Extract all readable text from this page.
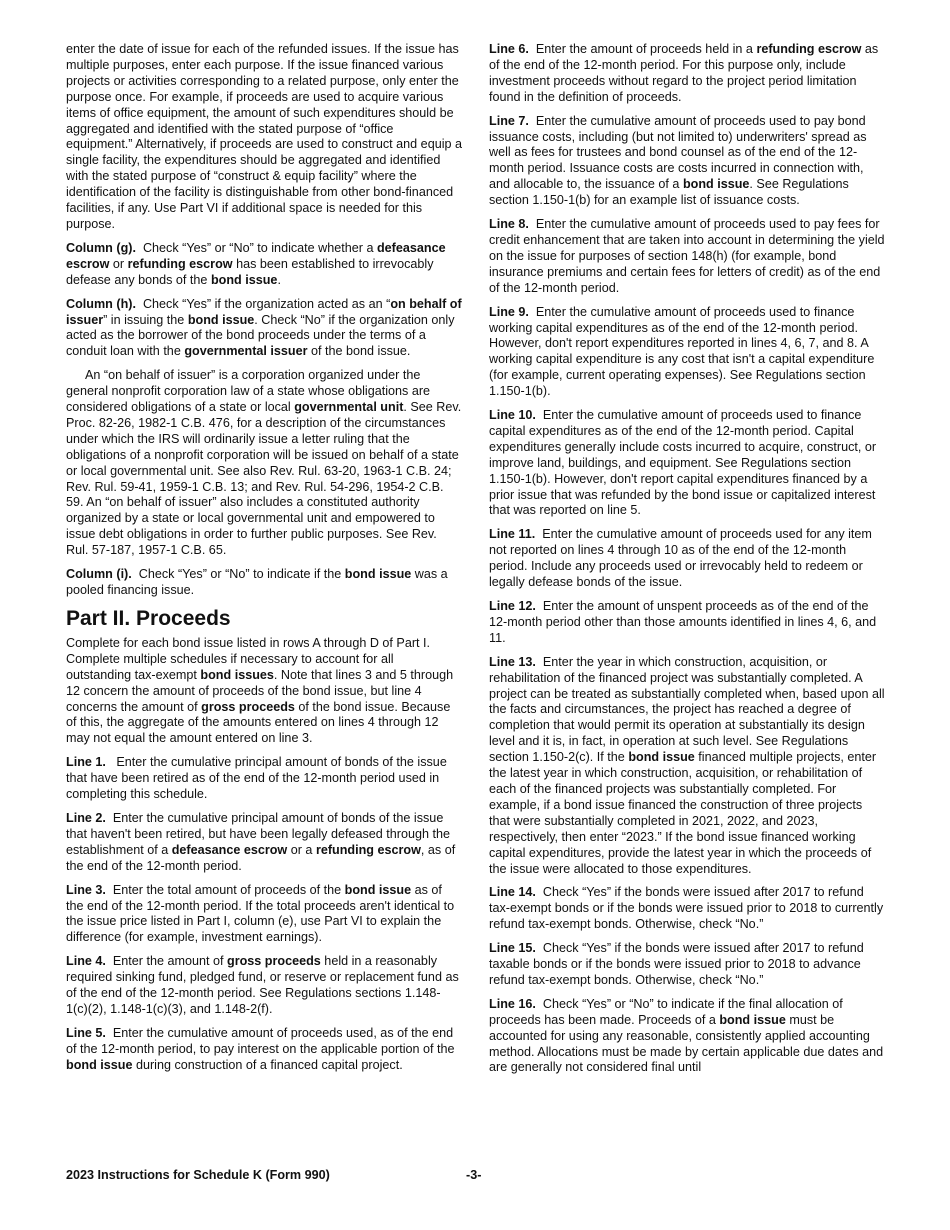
enter the date of issue for each of the refunded issues. If the issue has multiple purposes, enter each purpose. If the issue financed various projects or activities corresponding to a related purpose, only enter the purpose once. For example, if proceeds are used to acquire various items of office equipment, the amount of such expenditures should be aggregated and identified with the stated purpose of “office equipment.” Alternatively, if proceeds are used to construct and equip a single facility, the expenditures should be aggregated and identified with the stated purpose of “construct & equip facility” where the identification of the facility is distinguishable from other bond-financed facilities, if any. Use Part VI if additional space is needed for this purpose.

Column (g). Check “Yes” or “No” to indicate whether a defeasance escrow or refunding escrow has been established to irrevocably defease any bonds of the bond issue.

Column (h). Check “Yes” if the organization acted as an “on behalf of issuer” in issuing the bond issue. Check “No” if the organization only acted as the borrower of the bond proceeds under the terms of a conduit loan with the governmental issuer of the bond issue.

An “on behalf of issuer” is a corporation organized under the general nonprofit corporation law of a state whose obligations are considered obligations of a state or local governmental unit. See Rev. Proc. 82-26, 1982-1 C.B. 476, for a description of the circumstances under which the IRS will ordinarily issue a letter ruling that the obligations of a nonprofit corporation will be issued on behalf of a state or local governmental unit. See also Rev. Rul. 63-20, 1963-1 C.B. 24; Rev. Rul. 59-41, 1959-1 C.B. 13; and Rev. Rul. 54-296, 1954-2 C.B. 59. An “on behalf of issuer” also includes a constituted authority organized by a state or local governmental unit and empowered to issue debt obligations in order to further public purposes. See Rev. Rul. 57-187, 1957-1 C.B. 65.

Column (i). Check “Yes” or “No” to indicate if the bond issue was a pooled financing issue.

Part II. Proceeds

Complete for each bond issue listed in rows A through D of Part I. Complete multiple schedules if necessary to account for all outstanding tax-exempt bond issues. Note that lines 3 and 5 through 12 concern the amount of proceeds of the bond issue, but line 4 concerns the amount of gross proceeds of the bond issue. Because of this, the aggregate of the amounts entered on lines 4 through 12 may not equal the amount entered on line 3.

Line 1. Enter the cumulative principal amount of bonds of the issue that have been retired as of the end of the 12-month period used in completing this schedule.

Line 2. Enter the cumulative principal amount of bonds of the issue that haven't been retired, but have been legally defeased through the establishment of a defeasance escrow or a refunding escrow, as of the end of the 12-month period.

Line 3. Enter the total amount of proceeds of the bond issue as of the end of the 12-month period. If the total proceeds aren't identical to the issue price listed in Part I, column (e), use Part VI to explain the difference (for example, investment earnings).

Line 4. Enter the amount of gross proceeds held in a reasonably required sinking fund, pledged fund, or reserve or replacement fund as of the end of the 12-month period. See Regulations sections 1.148-1(c)(2), 1.148-1(c)(3), and 1.148-2(f).

Line 5. Enter the cumulative amount of proceeds used, as of the end of the 12-month period, to pay interest on the applicable portion of the bond issue during construction of a financed capital project.

Line 6. Enter the amount of proceeds held in a refunding escrow as of the end of the 12-month period. For this purpose only, include investment proceeds without regard to the project period limitation found in the definition of proceeds.

Line 7. Enter the cumulative amount of proceeds used to pay bond issuance costs, including (but not limited to) underwriters' spread as well as fees for trustees and bond counsel as of the end of the 12-month period. Issuance costs are costs incurred in connection with, and allocable to, the issuance of a bond issue. See Regulations section 1.150-1(b) for an example list of issuance costs.

Line 8. Enter the cumulative amount of proceeds used to pay fees for credit enhancement that are taken into account in determining the yield on the issue for purposes of section 148(h) (for example, bond insurance premiums and certain fees for letters of credit) as of the end of the 12-month period.

Line 9. Enter the cumulative amount of proceeds used to finance working capital expenditures as of the end of the 12-month period. However, don't report expenditures reported in lines 4, 6, 7, and 8. A working capital expenditure is any cost that isn't a capital expenditure (for example, current operating expenses). See Regulations section 1.150-1(b).

Line 10. Enter the cumulative amount of proceeds used to finance capital expenditures as of the end of the 12-month period. Capital expenditures generally include costs incurred to acquire, construct, or improve land, buildings, and equipment. See Regulations section 1.150-1(b). However, don't report capital expenditures financed by a prior issue that was refunded by the bond issue or capitalized interest that was reported on line 5.

Line 11. Enter the cumulative amount of proceeds used for any item not reported on lines 4 through 10 as of the end of the 12-month period. Include any proceeds used or irrevocably held to redeem or legally defease bonds of the issue.

Line 12. Enter the amount of unspent proceeds as of the end of the 12-month period other than those amounts identified in lines 4, 6, and 11.

Line 13. Enter the year in which construction, acquisition, or rehabilitation of the financed project was substantially completed. A project can be treated as substantially completed when, based upon all the facts and circumstances, the project has reached a degree of completion that would permit its operation at substantially its design level and it is, in fact, in operation at such level. See Regulations section 1.150-2(c). If the bond issue financed multiple projects, enter the latest year in which construction, acquisition, or rehabilitation of each of the financed projects was substantially completed. For example, if a bond issue financed the construction of three projects that were substantially completed in 2021, 2022, and 2023, respectively, then enter “2023.” If the bond issue financed working capital expenditures, provide the latest year in which the proceeds of the issue were allocated to those expenditures.

Line 14. Check “Yes” if the bonds were issued after 2017 to refund tax-exempt bonds or if the bonds were issued prior to 2018 to currently refund tax-exempt bonds. Otherwise, check “No.”

Line 15. Check “Yes” if the bonds were issued after 2017 to refund taxable bonds or if the bonds were issued prior to 2018 to advance refund tax-exempt bonds. Otherwise, check “No.”

Line 16. Check “Yes” or “No” to indicate if the final allocation of proceeds has been made. Proceeds of a bond issue must be accounted for using any reasonable, consistently applied accounting method. Allocations must be made by certain applicable due dates and are generally not considered final until

2023 Instructions for Schedule K (Form 990)	-3-
